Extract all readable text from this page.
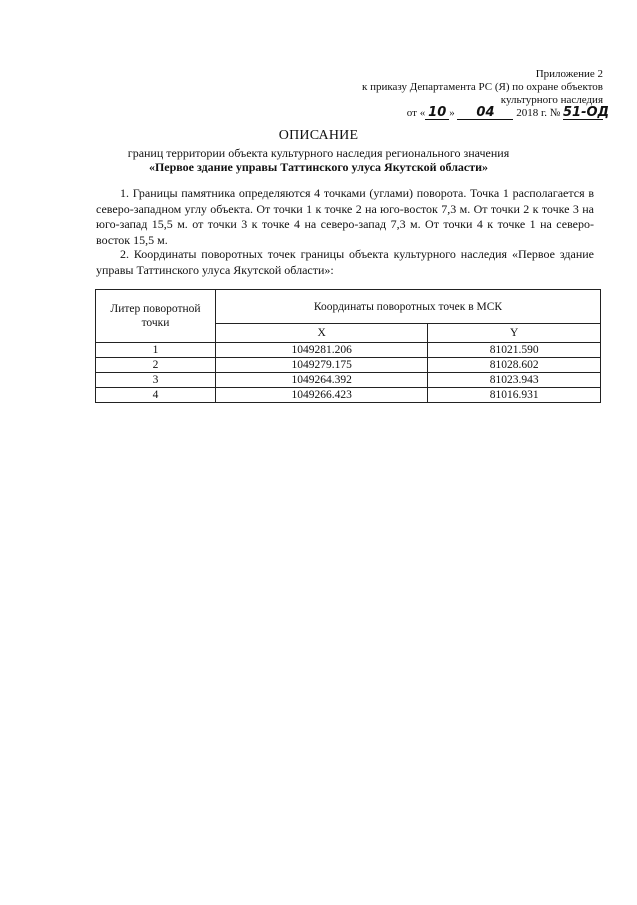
Приложение 2
к приказу Департамента РС (Я) по охране объектов
культурного наследия
от « 10 » 04 2018 г. № 51-ОД
ОПИСАНИЕ
границ территории объекта культурного наследия регионального значения
«Первое здание управы Таттинского улуса Якутской области»
1. Границы памятника определяются 4 точками (углами) поворота. Точка 1 располагается в северо-западном углу объекта. От точки 1 к точке 2 на юго-восток 7,3 м. От точки 2 к точке 3 на юго-запад 15,5 м. от точки 3 к точке 4 на северо-запад 7,3 м. От точки 4 к точке 1 на северо-восток 15,5 м.
2. Координаты поворотных точек границы объекта культурного наследия «Первое здание управы Таттинского улуса Якутской области»:
Литер поворотной точки	Координаты поворотных точек в МСК	
	X	Y
1	1049281.206	81021.590
2	1049279.175	81028.602
3	1049264.392	81023.943
4	1049266.423	81016.931
